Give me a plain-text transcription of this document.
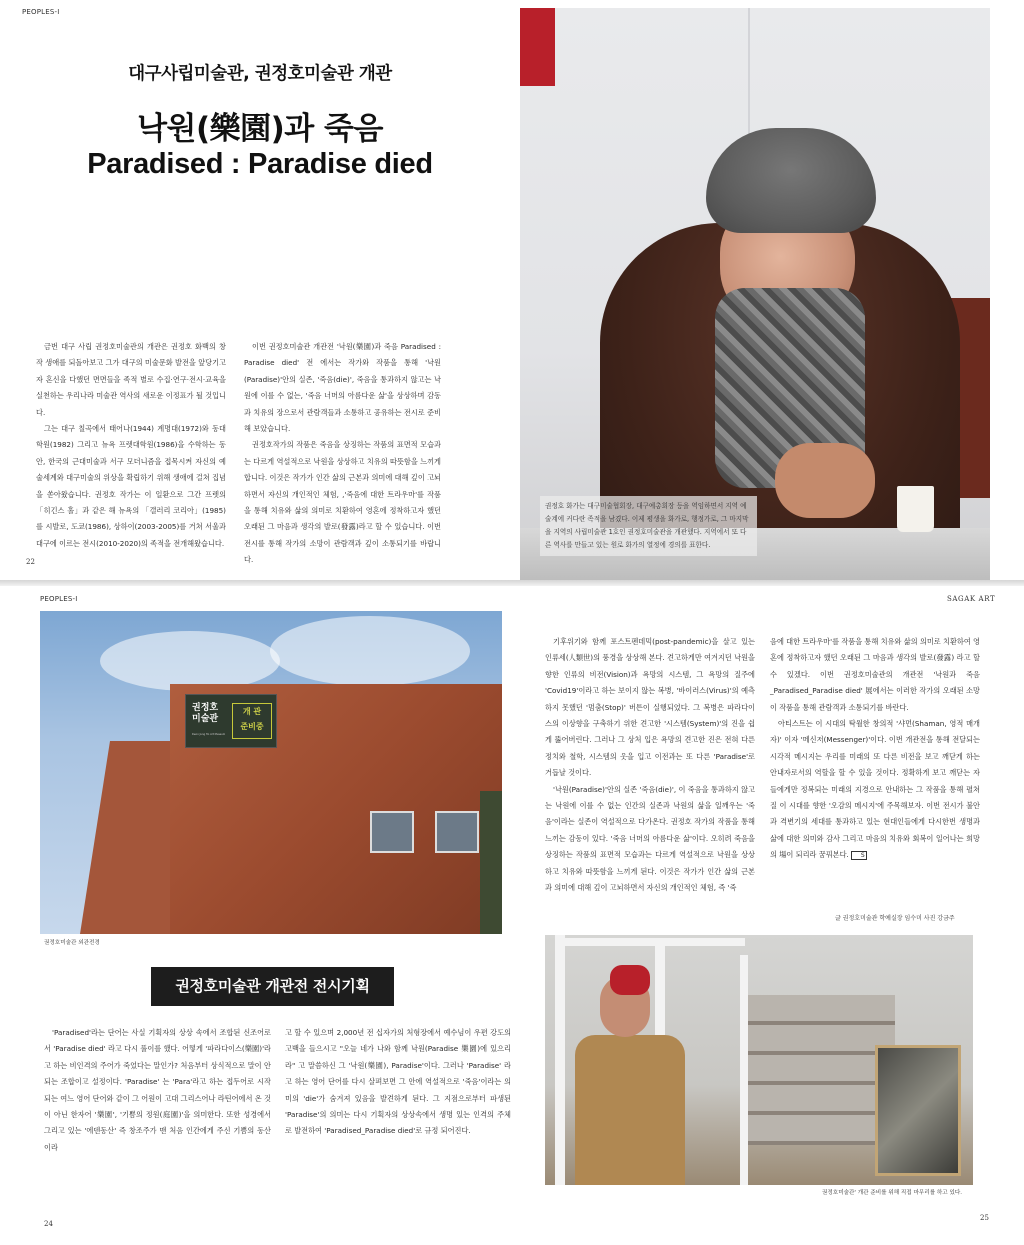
PEOPLES-Ⅰ
대구사립미술관, 권정호미술관 개관
낙원(樂園)과 죽음
Paradised : Paradise died

금번 대구 사립 권정호미술관의 개관은 권정호 화백의 창작 생애를 되돌아보고 그가 대구의 미술문화 발전을 앞당기고자 혼신을 다했던 면면들을 족적 별로 수집·연구·전시·교육을 실천하는 우리나라 미술관 역사의 새로운 이정표가 될 것입니다.

그는 대구 칠곡에서 태어나(1944) 계명대(1972)와 동대학원(1982) 그리고 뉴욕 프렛대학원(1986)을 수학하는 동안, 한국의 근대미술과 서구 모더니즘을 접목시켜 자신의 예술세계와 대구미술의 위상을 확립하기 위해 생애에 걸쳐 집념을 쏟아왔습니다. 권정호 작가는 이 일환으로 그간 프렛의 「히긴스 홀」과 같은 해 뉴욕의 「갤러리 코리아」(1985)를 시발로, 도쿄(1986), 상하이(2003-2005)를 거쳐 서울과 대구에 이르는 전시(2010-2020)의 족적을 전개해왔습니다.

이번 권정호미술관 개관전 '낙원(樂園)과 죽음 Paradised : Paradise died' 전 에서는 작가와 작품을 통해 '낙원(Paradise)'안의 실존, '죽음(die)', 죽음을 통과하지 않고는 낙원에 이를 수 없는, '죽음 너머의 아름다운 삶'을 상상하며 감동과 치유의 장으로서 관람객들과 소통하고 공유하는 전시로 준비해 보았습니다.

권정호작가의 작품은 죽음을 상징하는 작품의 표면적 모습과는 다르게 역설적으로 낙원을 상상하고 치유의 따뜻함을 느끼게 합니다. 이것은 작가가 인간 삶의 근본과 의미에 대해 깊이 고뇌하면서 자신의 개인적인 체험, ,'죽음에 대한 트라우마'를 작품을 통해 치유와 삶의 의미로 치환하여 영혼에 정착하고자 했던 오래된 그 마음과 생각의 발로(發露)라고 할 수 있습니다. 이번 전시를 통해 작가의 소망이 관람객과 깊이 소통되기를 바랍니다.

22
권정호 화가는 대구미술협회장, 대구예총회장 등을 역임하면서 지역 예술계에 커다란 족적을 남겼다. 이제 평생을 화가로, 행정가로, 그 마지막을 지역의 사립미술관 1호인 권정호미술관을 개관했다. 지역에서 또 다른 역사를 만들고 있는 원로 화가의 열정에 경의를 표한다.
PEOPLES-Ⅰ	SAGAK ART
권정호 미술관
Kwon Jung Ho Art Museum
개 관
준비중
권정호미술관 외관전경
권정호미술관 개관전 전시기획

'Paradised'라는 단어는 사실 기획자의 상상 속에서 조합된 신조어로서 'Paradise died' 라고 다시 풀이를 했다. 어떻게 '파라다이스(樂園)'라고 하는 비인격의 주어가 죽었다는 말인가? 처음부터 상식적으로 말이 안되는 조합이고 설정이다. 'Paradise' 는 'Para'라고 하는 접두어로 시작되는 여느 영어 단어와 같이 그 어원이 고대 그리스어나 라틴어에서 온 것이 아닌 한자어 '樂園', '기쁨의 정원(庭園)'을 의미한다. 또한 성경에서 그리고 있는 '에덴동산' 즉 창조주가 맨 처음 인간에게 주신 기쁨의 동산이라

고 할 수 있으며 2,000년 전 십자가의 처형장에서 예수님이 우편 강도의 고백을 들으시고 "오늘 네가 나와 함께 낙원(Paradise 樂園)에 있으리라" 고 말씀하신 그 '낙원(樂園), Paradise'이다. 그러나 'Paradise' 라고 하는 영어 단어를 다시 살펴보면 그 안에 역설적으로 '죽음'이라는 의미의 'die'가 숨겨져 있음을 발견하게 된다. 그 지점으로부터 파생된 'Paradise'의 의미는 다시 기획자의 상상속에서 생명 있는 인격의 주체로 발전하여 'Paradised_Paradise died'로 규정 되어진다.

24

기후위기와 함께 포스트펜데믹(post-pandemic)을 살고 있는 인류세(人類世)의 풍경을 상상해 본다. 견고하게만 여겨지던 낙원을 향한 인류의 비전(Vision)과 욕망의 시스템, 그 욕망의 질주에 'Covid19'이라고 하는 보이지 않는 복병, '바이러스(Virus)'의 예측하지 못했던 '멈춤(Stop)' 버튼이 실행되었다. 그 복병은 파라다이스의 이상향을 구축하기 위한 견고한 '시스템(System)'의 진을 쉽게 뚫어버린다. 그러나 그 상처 입은 욕망의 견고한 진은 전혀 다른 정치와 철학, 시스템의 옷을 입고 이전과는 또 다른 'Paradise'로 거듭날 것이다.

'낙원(Paradise)'안의 실존 '죽음(die)', 이 죽음을 통과하지 않고는 낙원에 이를 수 없는 인간의 실존과 낙원의 삶을 일깨우는 '죽음'이라는 실존이 역설적으로 다가온다. 권정호 작가의 작품을 통해 느끼는 감동이 있다. '죽음 너머의 아름다운 삶'이다. 오히려 죽음을 상징하는 작품의 표면적 모습과는 다르게 역설적으로 낙원을 상상하고 치유와 따뜻함을 느끼게 된다. 이것은 작가가 인간 삶의 근본과 의미에 대해 깊이 고뇌하면서 자신의 개인적인 체험, 즉 '죽

음에 대한 트라우마'를 작품을 통해 치유와 삶의 의미로 치환하여 영혼에 정착하고자 했던 오래된 그 마음과 생각의 발로(發露) 라고 할 수 있겠다. 이번 권정호미술관의 개관전 '낙원과 죽음_Paradised_Paradise died' 展에서는 이러한 작가의 오래된 소망이 작품을 통해 관람객과 소통되기를 바란다.

아티스트는 이 시대의 탁월한 창의적 '샤먼(Shaman, 영적 매개자)' 이자 '메신저(Messenger)'이다. 이번 개관전을 통해 전달되는 시각적 메시지는 우리를 미래의 또 다른 비전을 보고 깨닫게 하는 안내자로서의 역할을 할 수 있을 것이다. 정확하게 보고 깨닫는 자들에게만 정복되는 미래의 지경으로 안내하는 그 작품을 통해 펼쳐질 이 시대를 향한 '오감의 메시지'에 주목해보자. 이번 전시가 불안과 격변기의 세대를 통과하고 있는 현대인들에게 다시한번 생명과 삶에 대한 의미와 감사 그리고 마음의 치유와 회복이 일어나는 희망의 場이 되리라 꿈꿔본다. S

글 권정호미술관 학예실장 임수미 사진 강금주
권정호미술관' 개관 준비를 위해 직접 마무리를 하고 있다.
25
